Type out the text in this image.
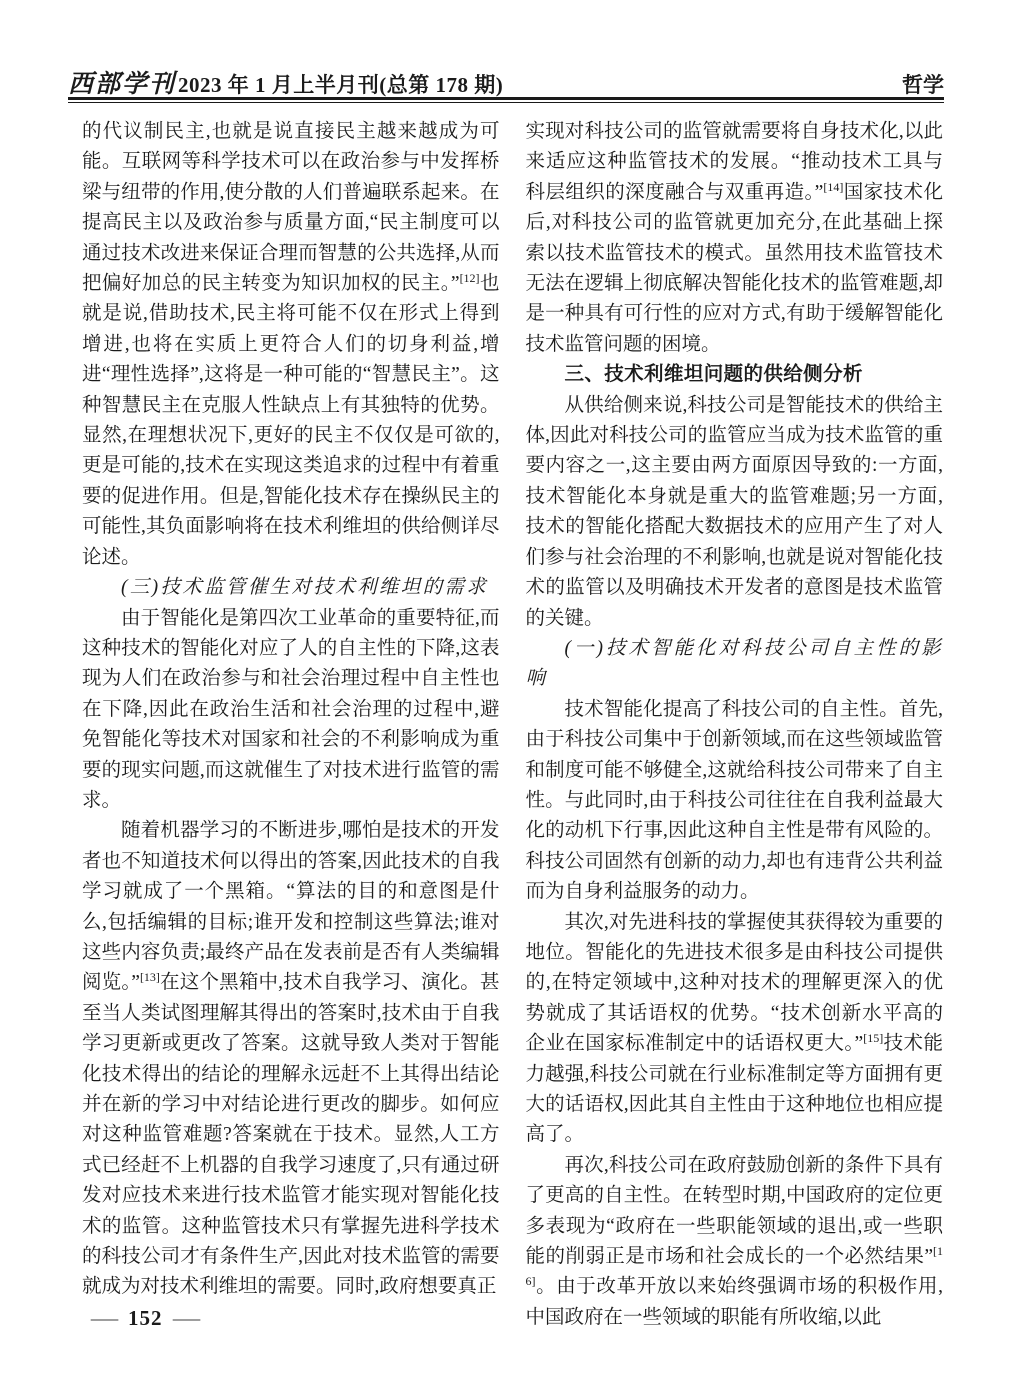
西部学刊 2023 年 1 月上半月刊(总第 178 期)	哲学

的代议制民主,也就是说直接民主越来越成为可能。互联网等科学技术可以在政治参与中发挥桥梁与纽带的作用,使分散的人们普遍联系起来。在提高民主以及政治参与质量方面,“民主制度可以通过技术改进来保证合理而智慧的公共选择,从而把偏好加总的民主转变为知识加权的民主。”[12]也就是说,借助技术,民主将可能不仅在形式上得到增进,也将在实质上更符合人们的切身利益,增进“理性选择”,这将是一种可能的“智慧民主”。这种智慧民主在克服人性缺点上有其独特的优势。显然,在理想状况下,更好的民主不仅仅是可欲的,更是可能的,技术在实现这类追求的过程中有着重要的促进作用。但是,智能化技术存在操纵民主的可能性,其负面影响将在技术利维坦的供给侧详尽论述。

(三)技术监管催生对技术利维坦的需求

由于智能化是第四次工业革命的重要特征,而这种技术的智能化对应了人的自主性的下降,这表现为人们在政治参与和社会治理过程中自主性也在下降,因此在政治生活和社会治理的过程中,避免智能化等技术对国家和社会的不利影响成为重要的现实问题,而这就催生了对技术进行监管的需求。

随着机器学习的不断进步,哪怕是技术的开发者也不知道技术何以得出的答案,因此技术的自我学习就成了一个黑箱。“算法的目的和意图是什么,包括编辑的目标;谁开发和控制这些算法;谁对这些内容负责;最终产品在发表前是否有人类编辑阅览。”[13]在这个黑箱中,技术自我学习、演化。甚至当人类试图理解其得出的答案时,技术由于自我学习更新或更改了答案。这就导致人类对于智能化技术得出的结论的理解永远赶不上其得出结论并在新的学习中对结论进行更改的脚步。如何应对这种监管难题?答案就在于技术。显然,人工方式已经赶不上机器的自我学习速度了,只有通过研发对应技术来进行技术监管才能实现对智能化技术的监管。这种监管技术只有掌握先进科学技术的科技公司才有条件生产,因此对技术监管的需要就成为对技术利维坦的需要。同时,政府想要真正

实现对科技公司的监管就需要将自身技术化,以此来适应这种监管技术的发展。“推动技术工具与科层组织的深度融合与双重再造。”[14]国家技术化后,对科技公司的监管就更加充分,在此基础上探索以技术监管技术的模式。虽然用技术监管技术无法在逻辑上彻底解决智能化技术的监管难题,却是一种具有可行性的应对方式,有助于缓解智能化技术监管问题的困境。

三、技术利维坦问题的供给侧分析

从供给侧来说,科技公司是智能技术的供给主体,因此对科技公司的监管应当成为技术监管的重要内容之一,这主要由两方面原因导致的:一方面,技术智能化本身就是重大的监管难题;另一方面,技术的智能化搭配大数据技术的应用产生了对人们参与社会治理的不利影响,也就是说对智能化技术的监管以及明确技术开发者的意图是技术监管的关键。

(一)技术智能化对科技公司自主性的影响

技术智能化提高了科技公司的自主性。首先,由于科技公司集中于创新领域,而在这些领域监管和制度可能不够健全,这就给科技公司带来了自主性。与此同时,由于科技公司往往在自我利益最大化的动机下行事,因此这种自主性是带有风险的。科技公司固然有创新的动力,却也有违背公共利益而为自身利益服务的动力。

其次,对先进科技的掌握使其获得较为重要的地位。智能化的先进技术很多是由科技公司提供的,在特定领域中,这种对技术的理解更深入的优势就成了其话语权的优势。“技术创新水平高的企业在国家标准制定中的话语权更大。”[15]技术能力越强,科技公司就在行业标准制定等方面拥有更大的话语权,因此其自主性由于这种地位也相应提高了。

再次,科技公司在政府鼓励创新的条件下具有了更高的自主性。在转型时期,中国政府的定位更多表现为“政府在一些职能领域的退出,或一些职能的削弱正是市场和社会成长的一个必然结果”[16]。由于改革开放以来始终强调市场的积极作用,中国政府在一些领域的职能有所收缩,以此

— 152 —
